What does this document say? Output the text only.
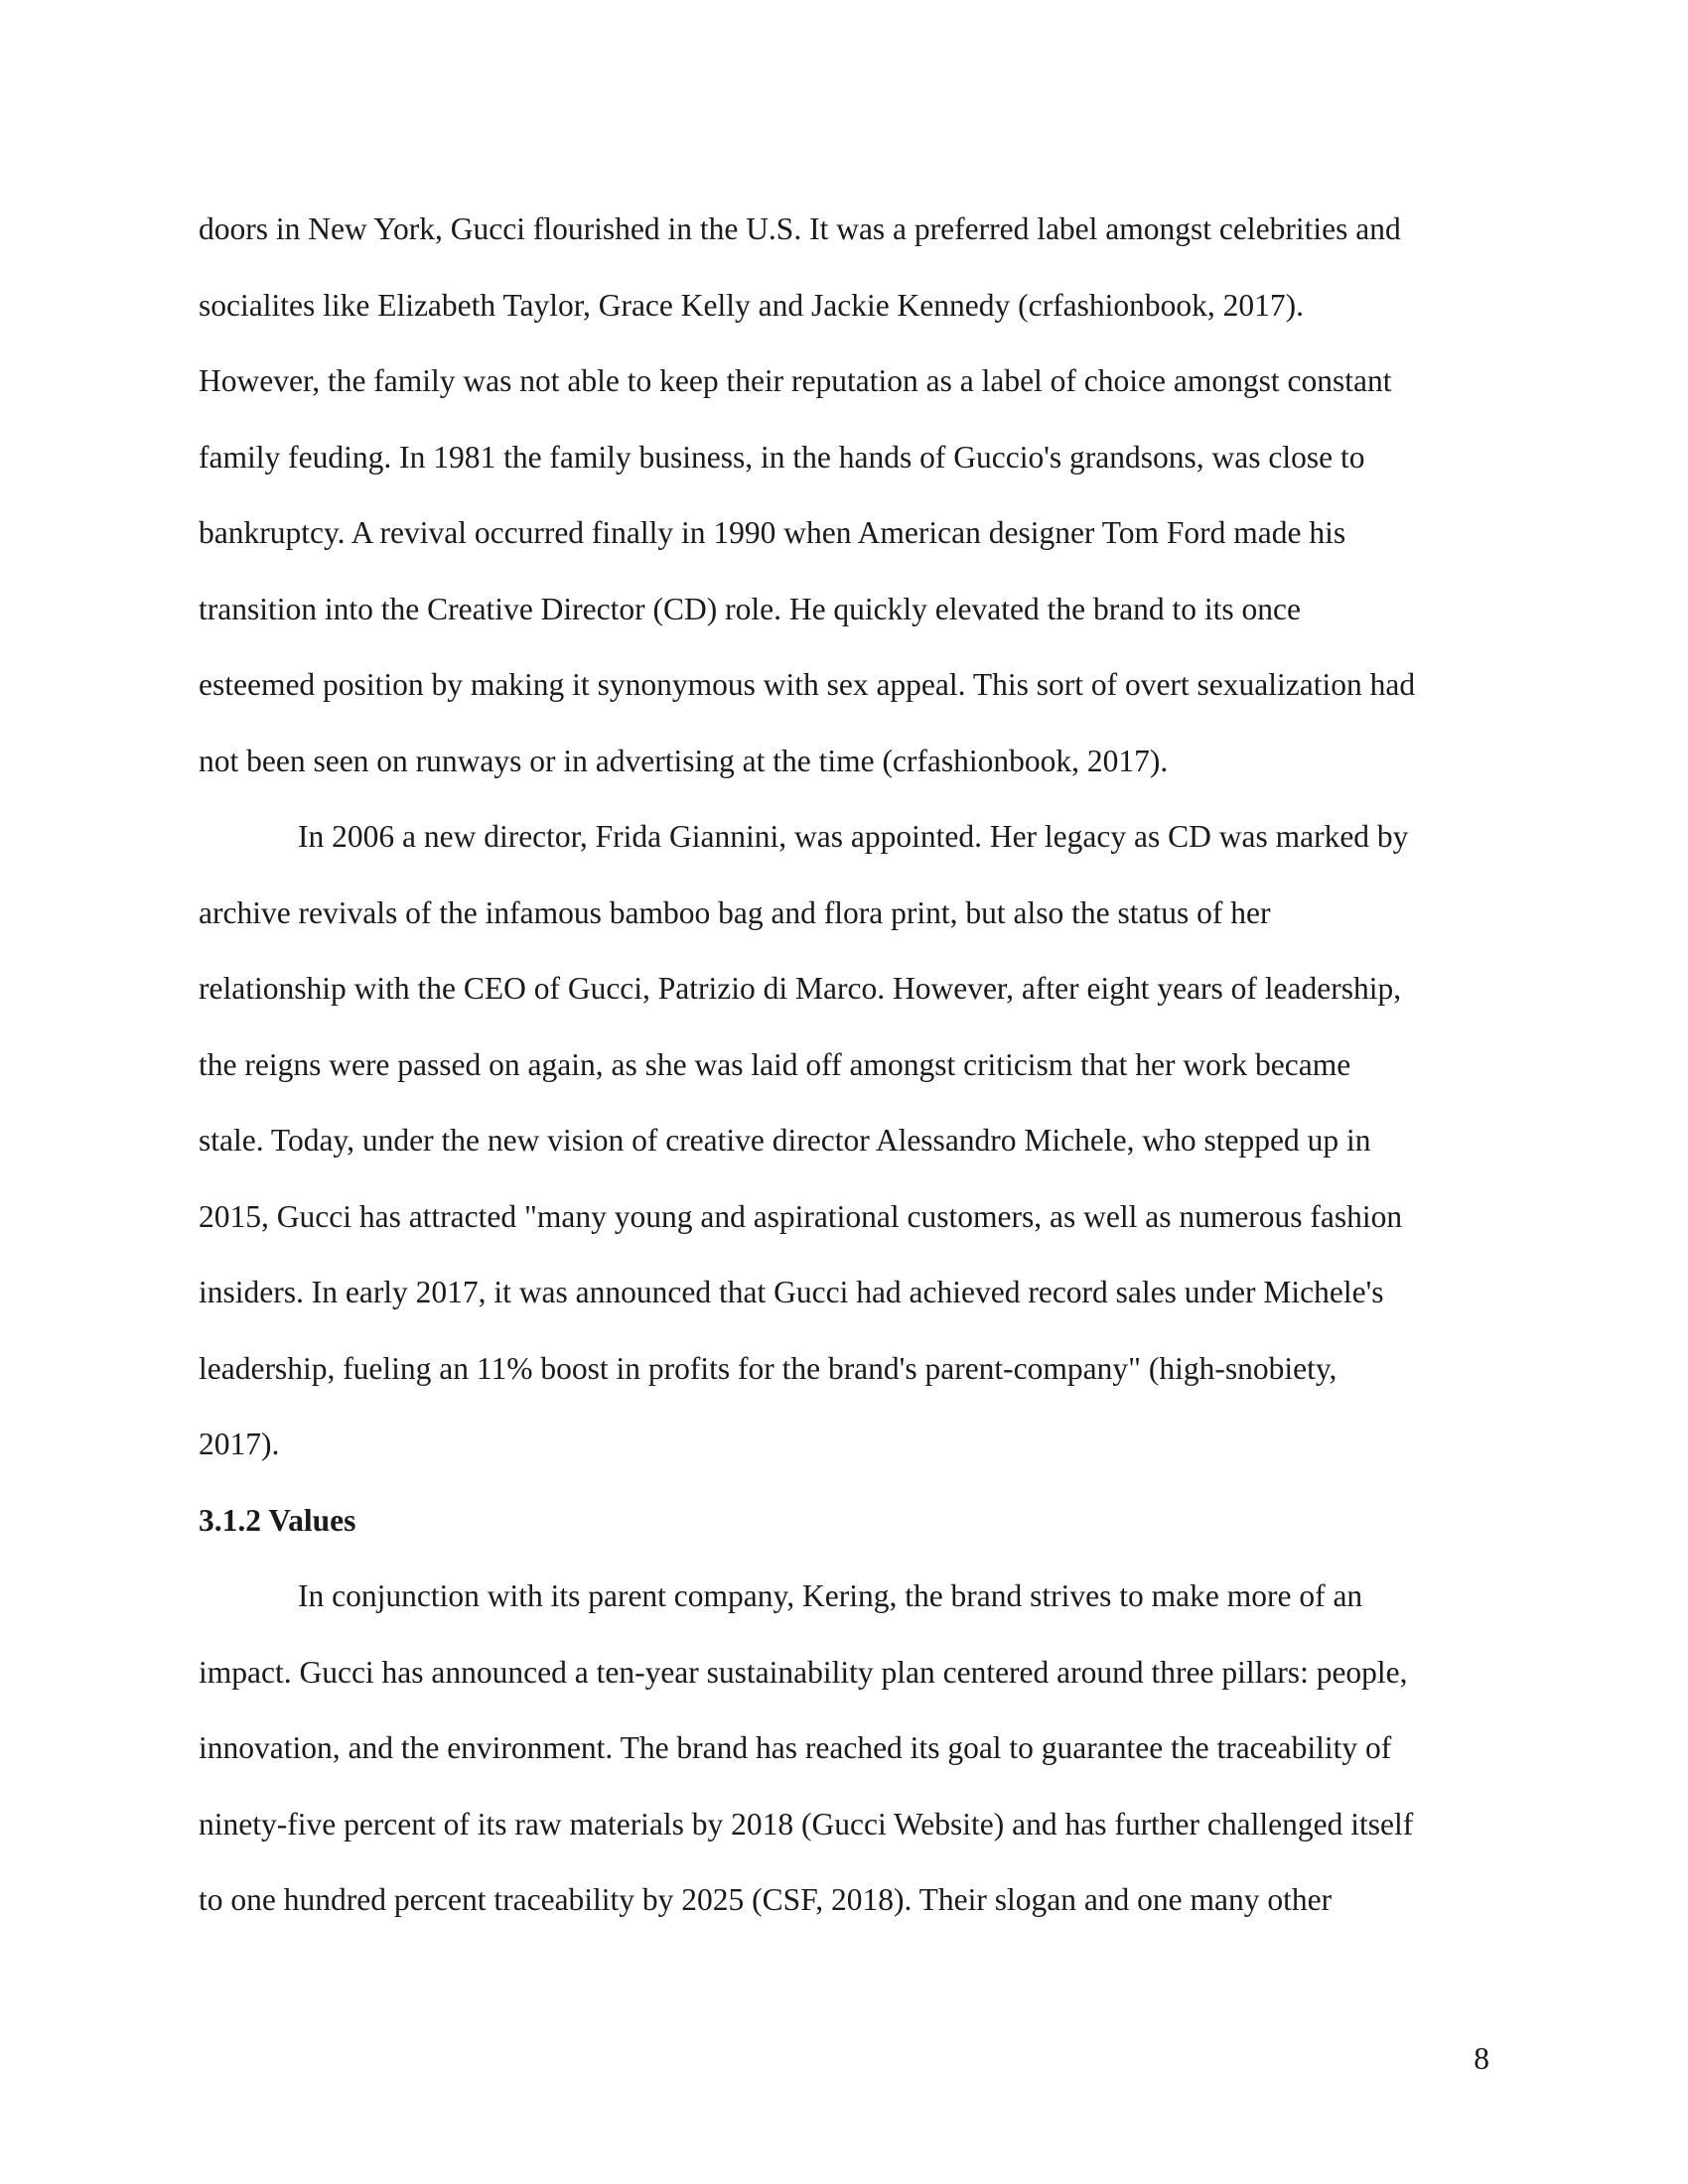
doors in New York, Gucci flourished in the U.S. It was a preferred label amongst celebrities and
socialites like Elizabeth Taylor, Grace Kelly and Jackie Kennedy (crfashionbook, 2017).
However, the family was not able to keep their reputation as a label of choice amongst constant
family feuding. In 1981 the family business, in the hands of Guccio's grandsons, was close to
bankruptcy. A revival occurred finally in 1990 when American designer Tom Ford made his
transition into the Creative Director (CD) role. He quickly elevated the brand to its once
esteemed position by making it synonymous with sex appeal. This sort of overt sexualization had
not been seen on runways or in advertising at the time (crfashionbook, 2017).
In 2006 a new director, Frida Giannini, was appointed. Her legacy as CD was marked by
archive revivals of the infamous bamboo bag and flora print, but also the status of her
relationship with the CEO of Gucci, Patrizio di Marco. However, after eight years of leadership,
the reigns were passed on again, as she was laid off amongst criticism that her work became
stale. Today, under the new vision of creative director Alessandro Michele, who stepped up in
2015, Gucci has attracted "many young and aspirational customers, as well as numerous fashion
insiders. In early 2017, it was announced that Gucci had achieved record sales under Michele's
leadership, fueling an 11% boost in profits for the brand's parent-company" (high-snobiety,
2017).
3.1.2 Values
In conjunction with its parent company, Kering, the brand strives to make more of an
impact. Gucci has announced a ten-year sustainability plan centered around three pillars: people,
innovation, and the environment. The brand has reached its goal to guarantee the traceability of
ninety-five percent of its raw materials by 2018 (Gucci Website) and has further challenged itself
to one hundred percent traceability by 2025 (CSF, 2018). Their slogan and one many other
8
